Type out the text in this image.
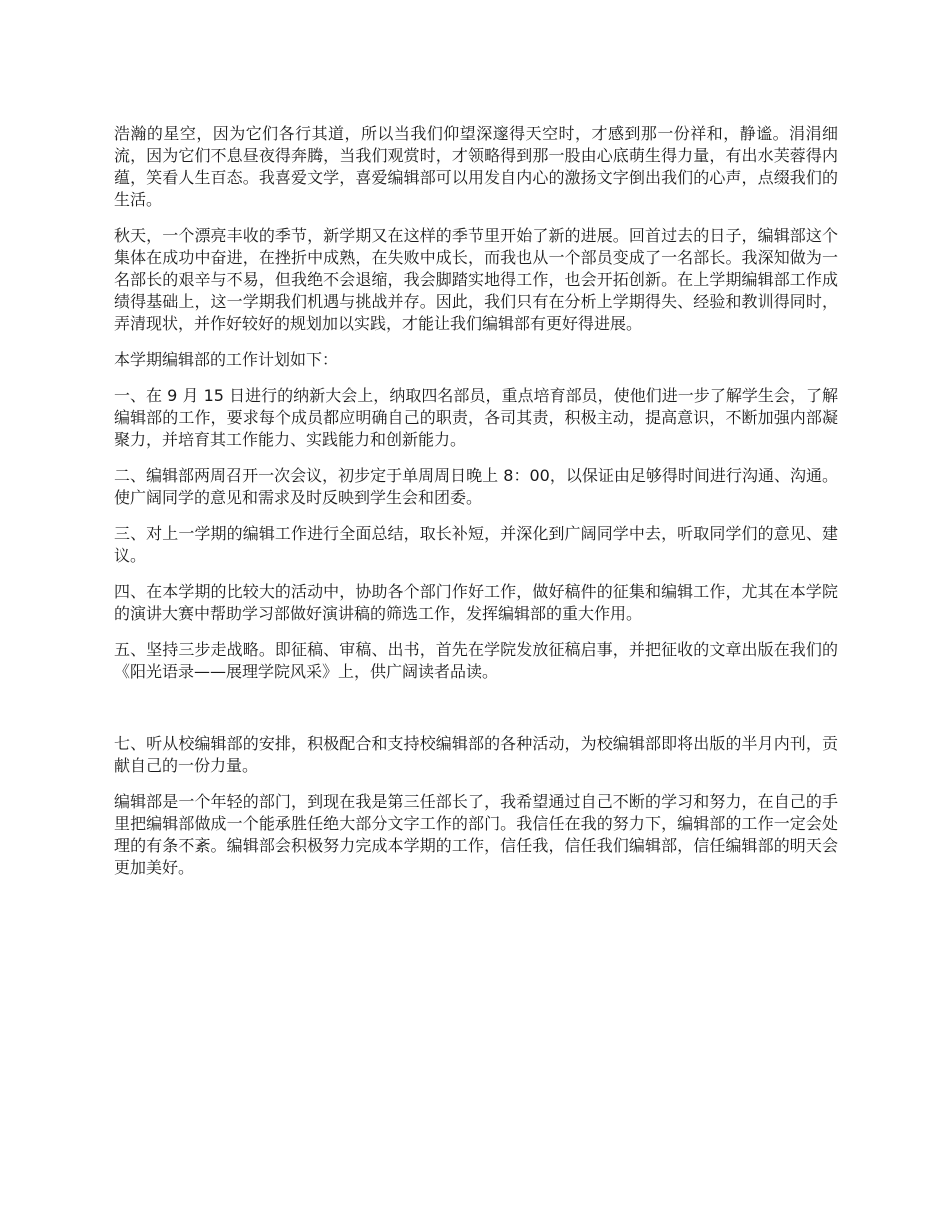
浩瀚的星空，因为它们各行其道，所以当我们仰望深邃得天空时，才感到那一份祥和，静谧。涓涓细流，因为它们不息昼夜得奔腾，当我们观赏时，才领略得到那一股由心底萌生得力量，有出水芙蓉得内蕴，笑看人生百态。我喜爱文学，喜爱编辑部可以用发自内心的激扬文字倒出我们的心声，点缀我们的生活。

秋天，一个漂亮丰收的季节，新学期又在这样的季节里开始了新的进展。回首过去的日子，编辑部这个集体在成功中奋进，在挫折中成熟，在失败中成长，而我也从一个部员变成了一名部长。我深知做为一名部长的艰辛与不易，但我绝不会退缩，我会脚踏实地得工作，也会开拓创新。在上学期编辑部工作成绩得基础上，这一学期我们机遇与挑战并存。因此，我们只有在分析上学期得失、经验和教训得同时，弄清现状，并作好较好的规划加以实践，才能让我们编辑部有更好得进展。

本学期编辑部的工作计划如下：

一、在 9 月 15 日进行的纳新大会上，纳取四名部员，重点培育部员，使他们进一步了解学生会，了解编辑部的工作，要求每个成员都应明确自己的职责，各司其责，积极主动，提高意识，不断加强内部凝聚力，并培育其工作能力、实践能力和创新能力。

二、编辑部两周召开一次会议，初步定于单周周日晚上 8：00，以保证由足够得时间进行沟通、沟通。使广阔同学的意见和需求及时反映到学生会和团委。

三、对上一学期的编辑工作进行全面总结，取长补短，并深化到广阔同学中去，听取同学们的意见、建议。

四、在本学期的比较大的活动中，协助各个部门作好工作，做好稿件的征集和编辑工作，尤其在本学院的演讲大赛中帮助学习部做好演讲稿的筛选工作，发挥编辑部的重大作用。

五、坚持三步走战略。即征稿、审稿、出书，首先在学院发放征稿启事，并把征收的文章出版在我们的《阳光语录——展理学院风采》上，供广阔读者品读。

七、听从校编辑部的安排，积极配合和支持校编辑部的各种活动，为校编辑部即将出版的半月内刊，贡献自己的一份力量。

编辑部是一个年轻的部门，到现在我是第三任部长了，我希望通过自己不断的学习和努力，在自己的手里把编辑部做成一个能承胜任绝大部分文字工作的部门。我信任在我的努力下，编辑部的工作一定会处理的有条不紊。编辑部会积极努力完成本学期的工作，信任我，信任我们编辑部，信任编辑部的明天会更加美好。
